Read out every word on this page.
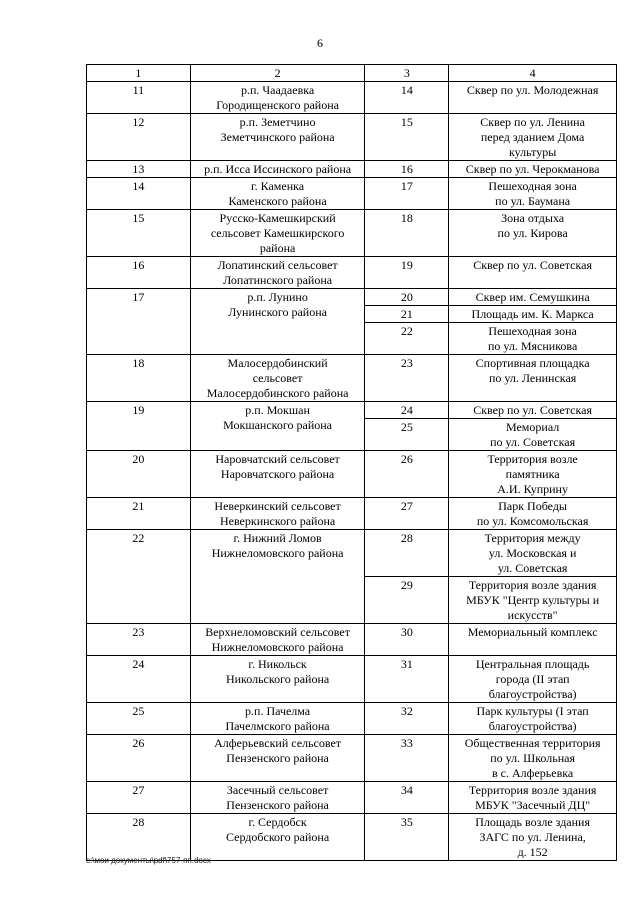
6
1	2	3	4
11	р.п. Чаадаевка
Городищенского района	14	Сквер по ул. Молодежная
12	р.п. Земетчино
Земетчинского района	15	Сквер по ул. Ленина
перед зданием Дома
культуры
13	р.п. Исса Иссинского района	16	Сквер по ул. Черокманова
14	г. Каменка
Каменского района	17	Пешеходная зона
по ул. Баумана
15	Русско-Камешкирский
сельсовет Камешкирского
района	18	Зона отдыха
по ул. Кирова
16	Лопатинский сельсовет
Лопатинского района	19	Сквер по ул. Советская
17	р.п. Лунино
Лунинского района	20	Сквер им. Семушкина
		21	Площадь им. К. Маркса
		22	Пешеходная зона
по ул. Мясникова
18	Малосердобинский
сельсовет
Малосердобинского района	23	Спортивная площадка
по ул. Ленинская
19	р.п. Мокшан
Мокшанского района	24	Сквер по ул. Советская
		25	Мемориал
по ул. Советская
20	Наровчатский сельсовет
Наровчатского района	26	Территория возле
памятника
А.И. Куприну
21	Неверкинский сельсовет
Неверкинского района	27	Парк Победы
по ул. Комсомольская
22	г. Нижний Ломов
Нижнеломовского района	28	Территория между
ул. Московская и
ул. Советская
		29	Территория возле здания
МБУК "Центр культуры и
искусств"
23	Верхнеломовский сельсовет
Нижнеломовского района	30	Мемориальный комплекс
24	г. Никольск
Никольского района	31	Центральная площадь
города (II этап
благоустройства)
25	р.п. Пачелма
Пачелмского района	32	Парк культуры (I этап
благоустройства)
26	Алферьевский сельсовет
Пензенского района	33	Общественная территория
по ул. Школьная
в с. Алферьевка
27	Засечный сельсовет
Пензенского района	34	Территория возле здания
МБУК "Засечный ДЦ"
28	г. Сердобск
Сердобского района	35	Площадь возле здания
ЗАГС по ул. Ленина,
д. 152
c:\мои документы\pdf\757-пп.docx
